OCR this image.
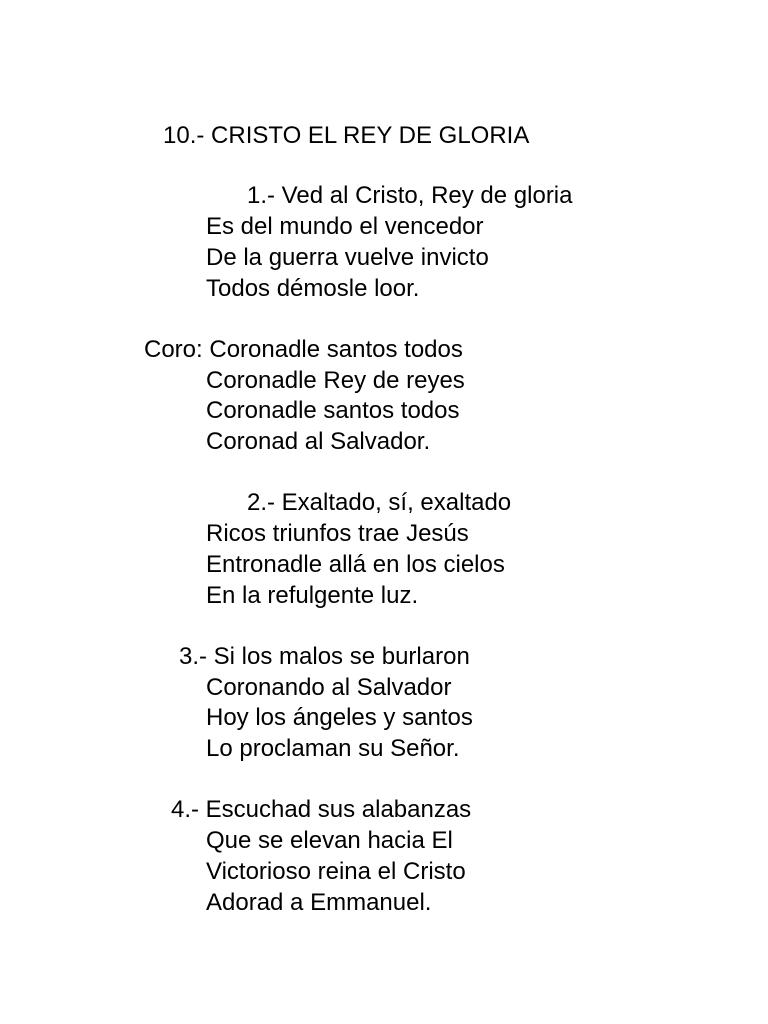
10.- CRISTO EL REY DE GLORIA
1.- Ved al Cristo, Rey de gloria
Es del mundo el vencedor
De la guerra vuelve invicto
Todos démosle loor.
Coro: Coronadle santos todos
Coronadle Rey de reyes
Coronadle santos todos
Coronad al Salvador.
2.- Exaltado, sí, exaltado
Ricos triunfos trae Jesús
Entronadle allá en los cielos
En la refulgente luz.
3.- Si los malos se burlaron
Coronando al Salvador
Hoy los ángeles y santos
Lo proclaman su Señor.
4.- Escuchad sus alabanzas
Que se elevan hacia El
Victorioso reina el Cristo
Adorad a Emmanuel.
